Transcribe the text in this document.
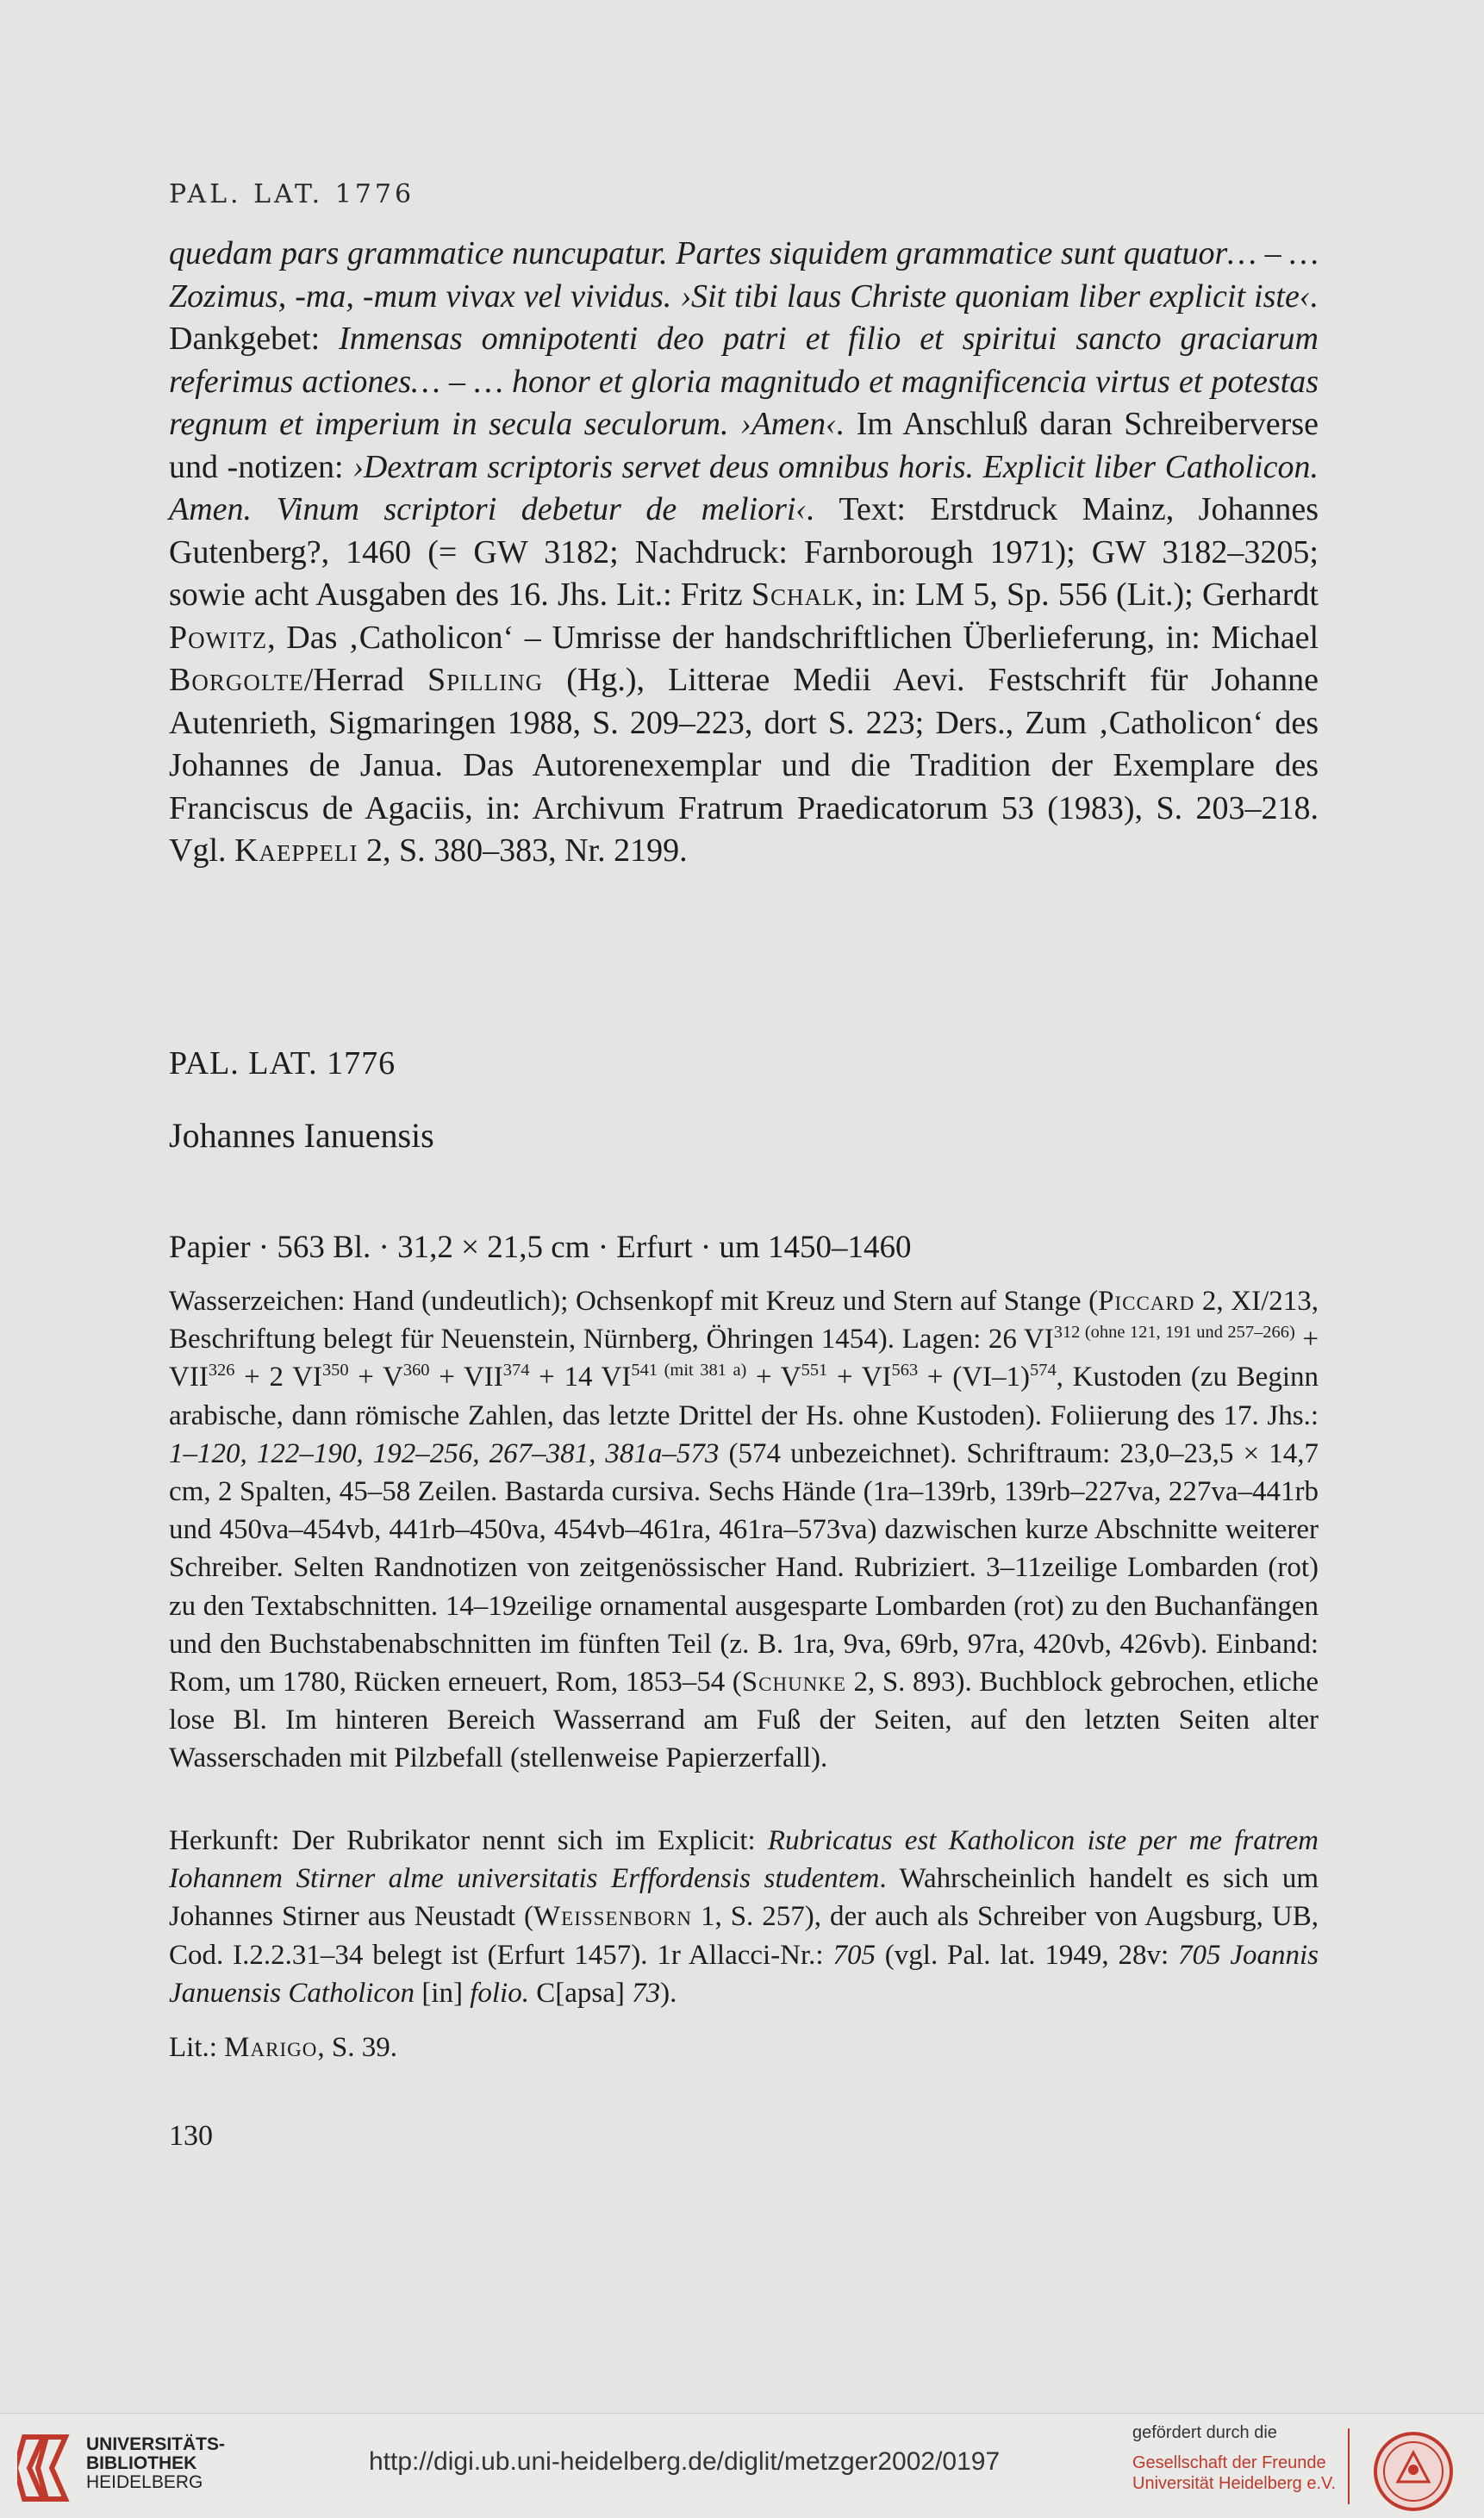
PAL. LAT. 1776

quedam pars grammatice nuncupatur. Partes siquidem grammatice sunt quatuor… – … Zozimus, -ma, -mum vivax vel vividus. ›Sit tibi laus Christe quoniam liber explicit iste‹. Dankgebet: Inmensas omnipotenti deo patri et filio et spiritui sancto graciarum referimus actiones… – … honor et gloria magnitudo et magnificencia virtus et potestas regnum et imperium in secula seculorum. ›Amen‹. Im Anschluß daran Schreiberverse und -notizen: ›Dextram scriptoris servet deus omnibus horis. Explicit liber Catholicon. Amen. Vinum scriptori debetur de meliori‹. Text: Erstdruck Mainz, Johannes Gutenberg?, 1460 (= GW 3182; Nachdruck: Farnborough 1971); GW 3182–3205; sowie acht Ausgaben des 16. Jhs. Lit.: Fritz Schalk, in: LM 5, Sp. 556 (Lit.); Gerhardt Powitz, Das ‚Catholicon‘ – Umrisse der handschriftlichen Überlieferung, in: Michael Borgolte/Herrad Spilling (Hg.), Litterae Medii Aevi. Festschrift für Johanne Autenrieth, Sigmaringen 1988, S. 209–223, dort S. 223; Ders., Zum ‚Catholicon‘ des Johannes de Janua. Das Autorenexemplar und die Tradition der Exemplare des Franciscus de Agaciis, in: Archivum Fratrum Praedicatorum 53 (1983), S. 203–218. Vgl. Kaeppeli 2, S. 380–383, Nr. 2199.

PAL. LAT. 1776
Johannes Ianuensis
Papier · 563 Bl. · 31,2 × 21,5 cm · Erfurt · um 1450–1460

Wasserzeichen: Hand (undeutlich); Ochsenkopf mit Kreuz und Stern auf Stange (Piccard 2, XI/213, Beschriftung belegt für Neuenstein, Nürnberg, Öhringen 1454). Lagen: 26 $VI^{312 (ohne 121, 191 und 257-266)} + VII^{326} + 2$ $VI^{350} + V^{360} + VII^{374} + 14$ $VI^{541 (mit 381 a)} + V^{551} + VI^{563} + (VI-1)^{574}$, Kustoden (zu Beginn arabische, dann römische Zahlen, das letzte Drittel der Hs. ohne Kustoden). Foliierung des 17. Jhs.: 1–120, 122–190, 192–256, 267–381, 381a–573 (574 unbezeichnet). Schriftraum: 23,0–23,5 × 14,7 cm, 2 Spalten, 45–58 Zeilen. Bastarda cursiva. Sechs Hände (1ra–139rb, 139rb–227va, 227va–441rb und 450va–454vb, 441rb–450va, 454vb–461ra, 461ra–573va) dazwischen kurze Abschnitte weiterer Schreiber. Selten Randnotizen von zeitgenössischer Hand. Rubriziert. 3–11zeilige Lombarden (rot) zu den Textabschnitten. 14–19zeilige ornamental ausgesparte Lombarden (rot) zu den Buchanfängen und den Buchstabenabschnitten im fünften Teil (z. B. 1ra, 9va, 69rb, 97ra, 420vb, 426vb). Einband: Rom, um 1780, Rücken erneuert, Rom, 1853–54 (Schunke 2, S. 893). Buchblock gebrochen, etliche lose Bl. Im hinteren Bereich Wasserrand am Fuß der Seiten, auf den letzten Seiten alter Wasserschaden mit Pilzbefall (stellenweise Papierzerfall).

Herkunft: Der Rubrikator nennt sich im Explicit: Rubricatus est Katholicon iste per me fratrem Iohannem Stirner alme universitatis Erffordensis studentem. Wahrscheinlich handelt es sich um Johannes Stirner aus Neustadt (Weissenborn 1, S. 257), der auch als Schreiber von Augsburg, UB, Cod. I.2.2.31–34 belegt ist (Erfurt 1457). 1r Allacci-Nr.: 705 (vgl. Pal. lat. 1949, 28v: 705 Joannis Januensis Catholicon [in] folio. C[apsa] 73).

Lit.: Marigo, S. 39.
130
UNIVERSITÄTS-
BIBLIOTHEK
HEIDELBERG
http://digi.ub.uni-heidelberg.de/diglit/metzger2002/0197
gefördert durch die
Gesellschaft der Freunde
Universität Heidelberg e.V.
